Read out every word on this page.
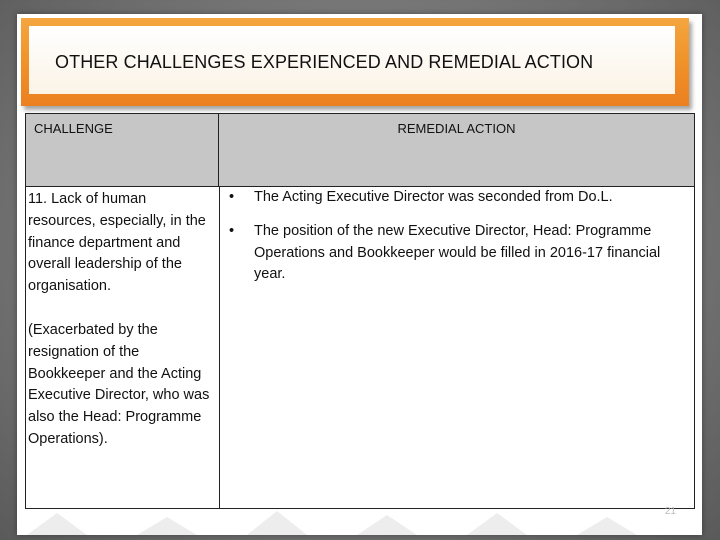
OTHER CHALLENGES EXPERIENCED AND REMEDIAL ACTION
CHALLENGE	REMEDIAL ACTION

11. Lack of human resources, especially, in the finance department and overall leadership of the organisation.

(Exacerbated by the resignation of the Bookkeeper and the Acting Executive Director, who was also the Head: Programme Operations).

• The Acting Executive Director was seconded from Do.L.
• The position of the new Executive Director, Head: Programme Operations and Bookkeeper would be filled in 2016-17 financial year.
21
